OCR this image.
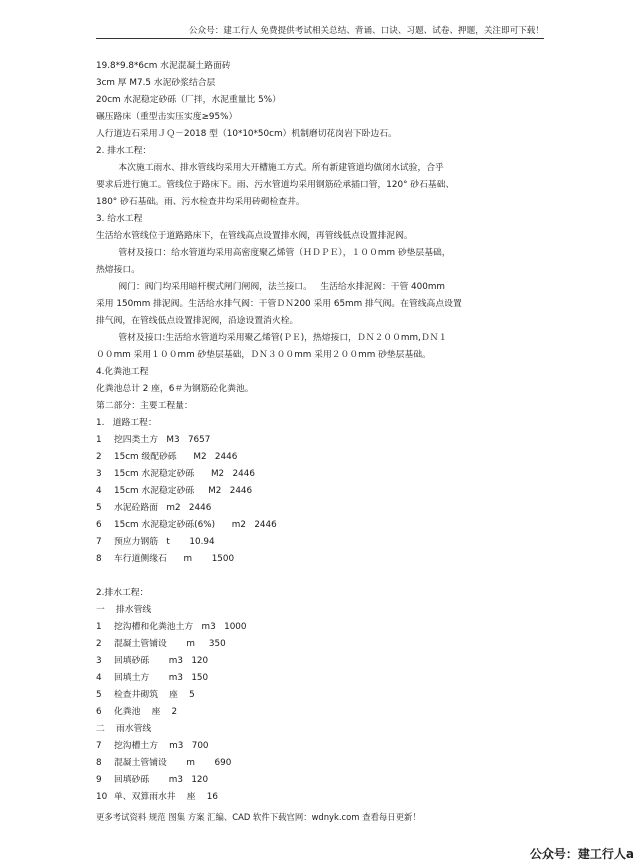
公众号：建工行人 免费提供考试相关总结、背诵、口诀、习题、试卷、押题，关注即可下载！
19.8*9.8*6cm 水泥混凝土路面砖
3cm 厚 M7.5 水泥砂浆结合层
20cm 水泥稳定砂砾（厂拌，水泥重量比 5%）
碾压路床（重型击实压实度≥95%）
人行道边石采用ＪＱ－2018 型（10*10*50cm）机制磨切花岗岩下卧边石。
2. 排水工程：
本次施工雨水、排水管线均采用大开槽施工方式。所有新建管道均做闭水试验，合乎
要求后进行施工。管线位于路床下。雨、污水管道均采用钢筋砼承插口管，120° 砂石基础、
180° 砂石基础。雨、污水检查井均采用砖砌检查井。
3. 给水工程
生活给水管线位于道路路床下，在管线高点设置排水阀，再管线低点设置排泥阀。
管材及接口：给水管道均采用高密度聚乙烯管（ＨＤＰＥ），１００mm 砂垫层基础，
热熔接口。
阀门：阀门均采用暗杆楔式闸门闸阀，法兰接口。   生活给水排泥阀：干管 400mm
采用 150mm 排泥阀。生活给水排气阀：干管ＤＮ200 采用 65mm 排气阀。在管线高点设置
排气阀，在管线低点设置排泥阀，沿途设置消火栓。
管材及接口:生活给水管道均采用聚乙烯管(ＰＥ)，热熔接口，ＤＮ２００mm,ＤＮ１
００mm 采用１００mm 砂垫层基础，ＤＮ３００mm 采用２００mm 砂垫层基础。
4.化粪池工程
化粪池总计 2 座，6＃为钢筋砼化粪池。
第二部分：主要工程量：
1.   道路工程：
1	挖四类土方   M3   7657
2	15cm 级配砂砾      M2   2446
3	15cm 水泥稳定砂砾      M2   2446
4	15cm 水泥稳定砂砾     M2   2446
5	水泥砼路面   m2   2446
6	15cm 水泥稳定砂砾(6%)      m2   2446
7	预应力钢筋   t       10.94
8	车行道侧缘石      m       1500
2.排水工程：
一    排水管线
1	挖沟槽和化粪池土方   m3   1000
2	混凝土管铺设       m     350
3	回填砂砾       m3   120
4	回填土方       m3   150
5	检查井砌筑    座    5
6	化粪池    座    2
二    雨水管线
7	挖沟槽土方    m3   700
8	混凝土管铺设       m       690
9	回填砂砾       m3   120
10 单、双算雨水井    座    16
更多考试资料 规范 图集 方案 汇编、CAD 软件下载官网：wdnyk.com 查看每日更新！
公众号：建工行人a
